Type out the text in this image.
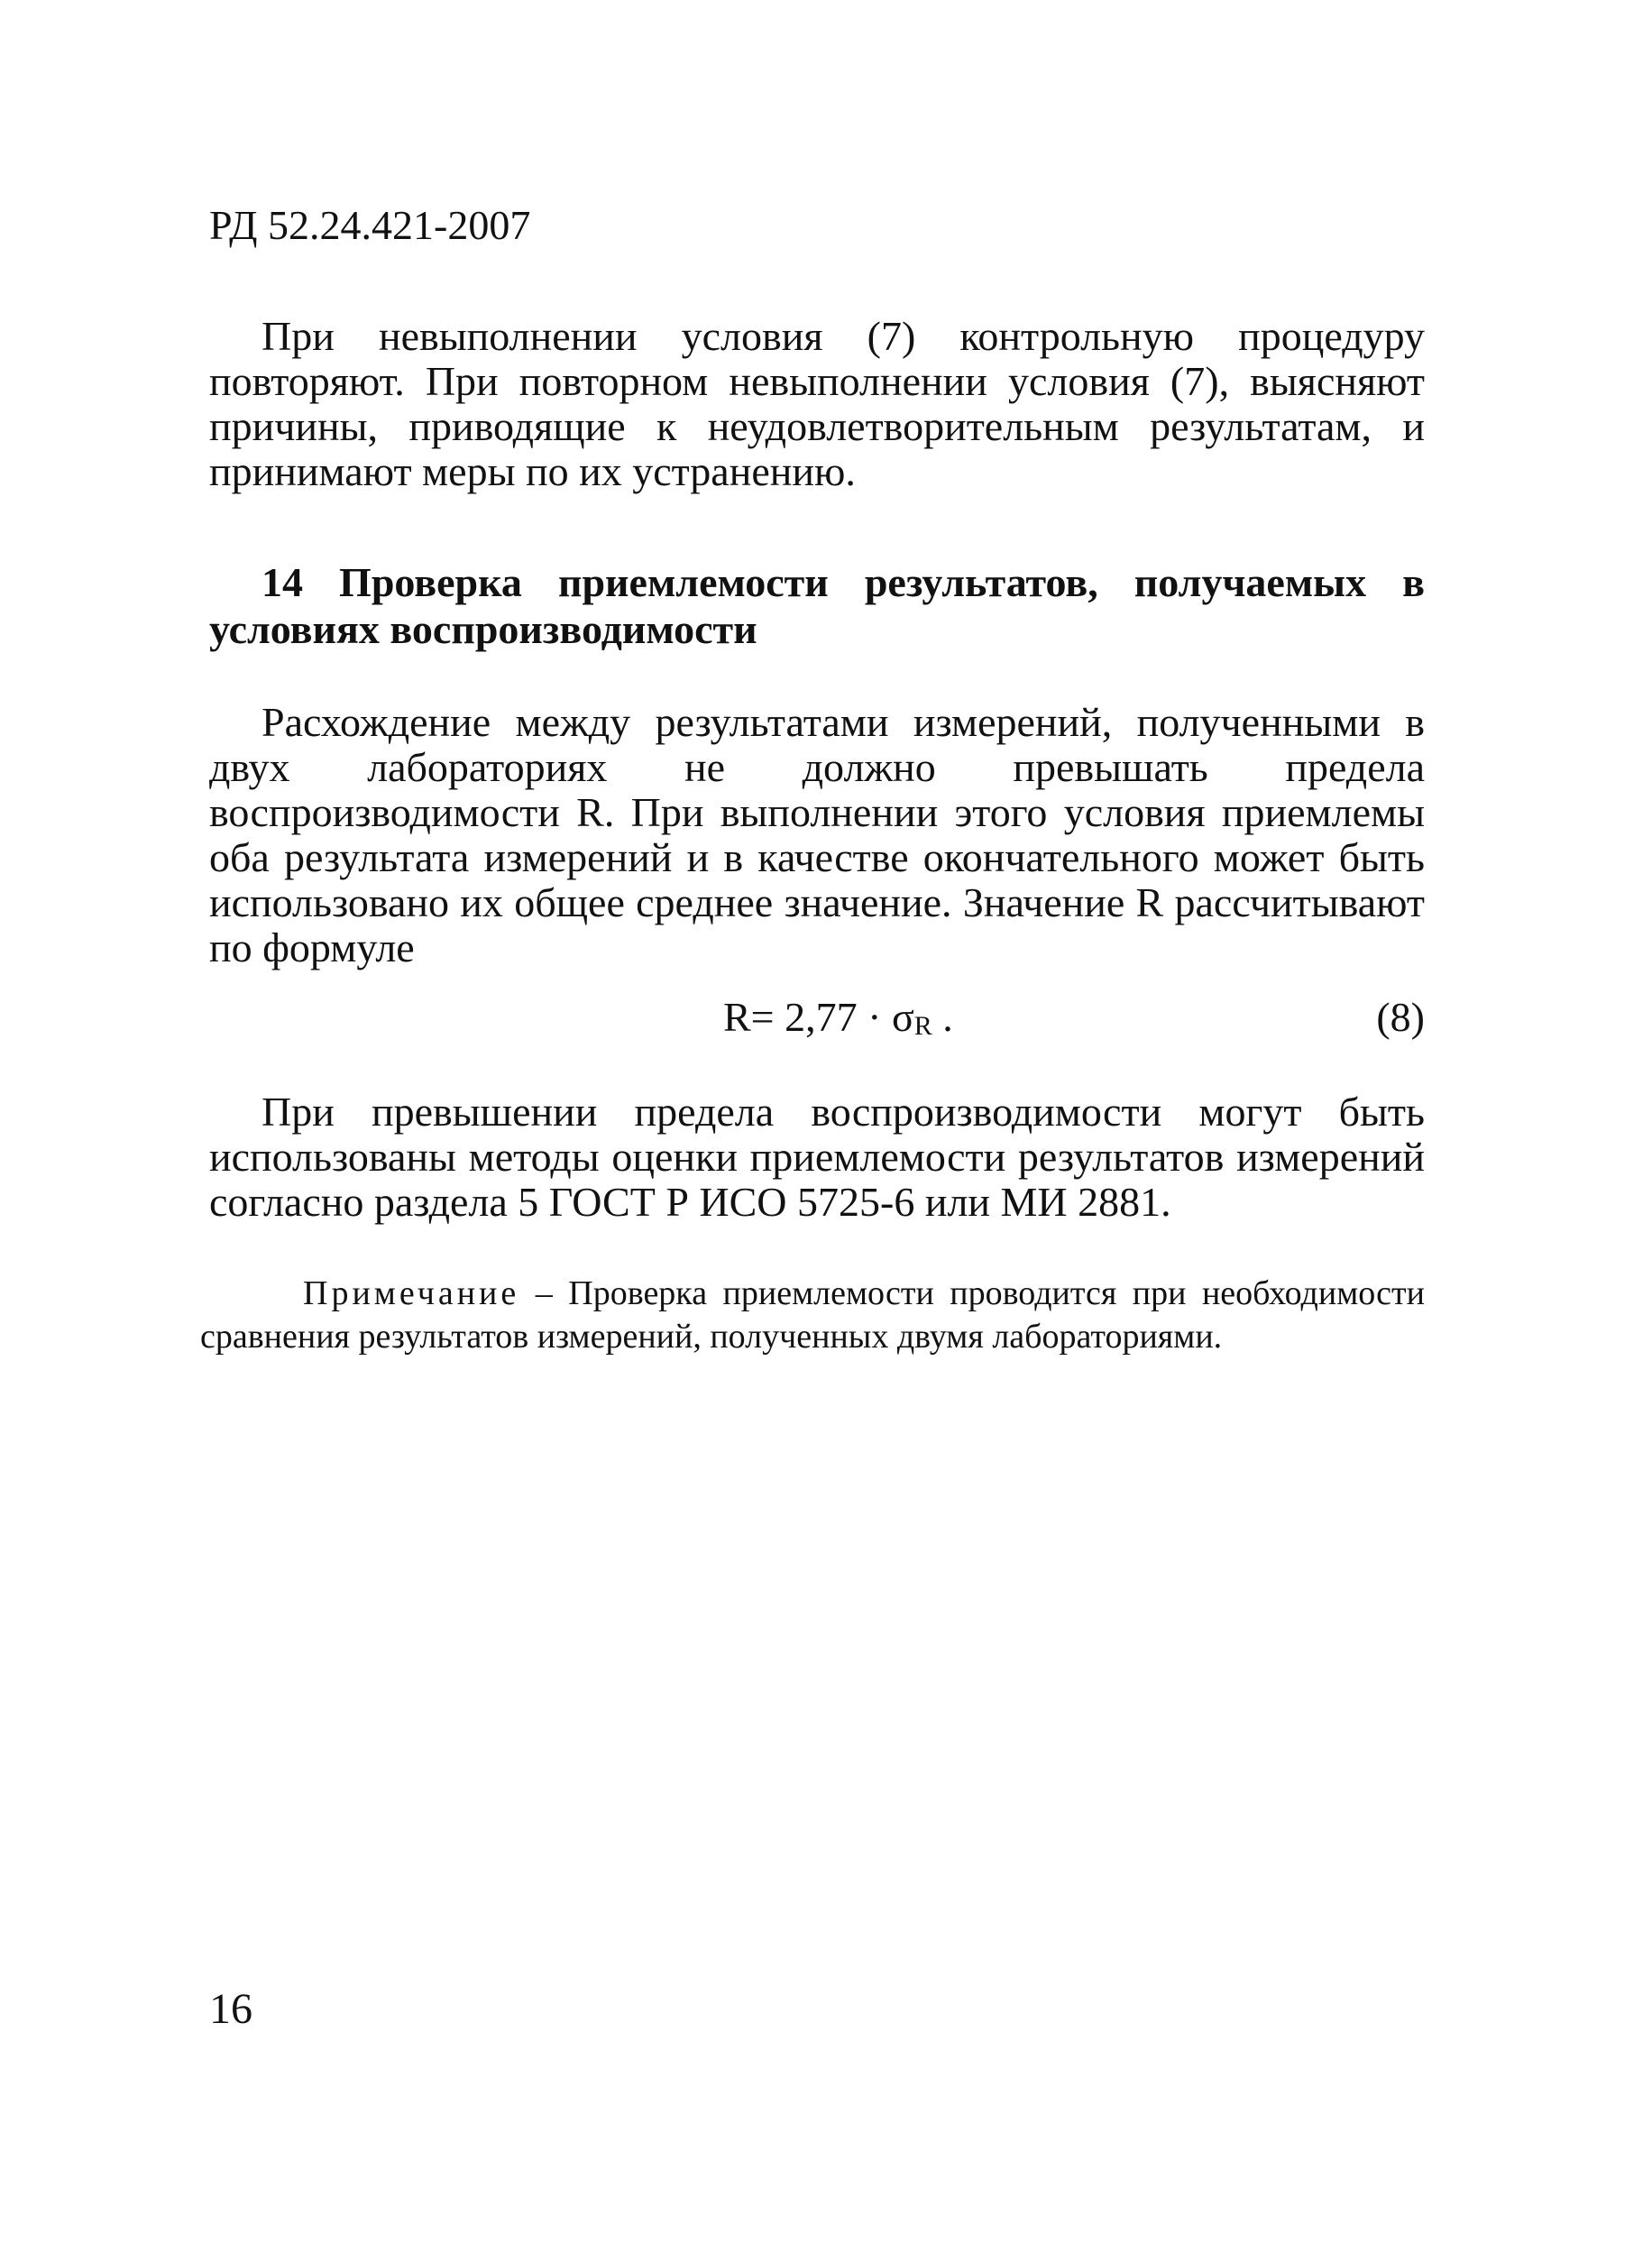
РД 52.24.421-2007

При невыполнении условия (7) контрольную процедуру повторяют. При повторном невыполнении условия (7), выясняют причины, приводящие к неудовлетворительным результатам, и принимают меры по их устранению.

14 Проверка приемлемости результатов, получаемых в условиях воспроизводимости

Расхождение между результатами измерений, полученными в двух лабораториях не должно превышать предела воспроизводимости R. При выполнении этого условия приемлемы оба результата измерений и в качестве окончательного может быть использовано их общее среднее значение. Значение R рассчитывают по формуле

$R= 2,77 \cdot \sigma_R$ .	(8)

При превышении предела воспроизводимости могут быть использованы методы оценки приемлемости результатов измерений согласно раздела 5 ГОСТ Р ИСО 5725-6 или МИ 2881.

Примечание – Проверка приемлемости проводится при необходимости сравнения результатов измерений, полученных двумя лабораториями.

16
